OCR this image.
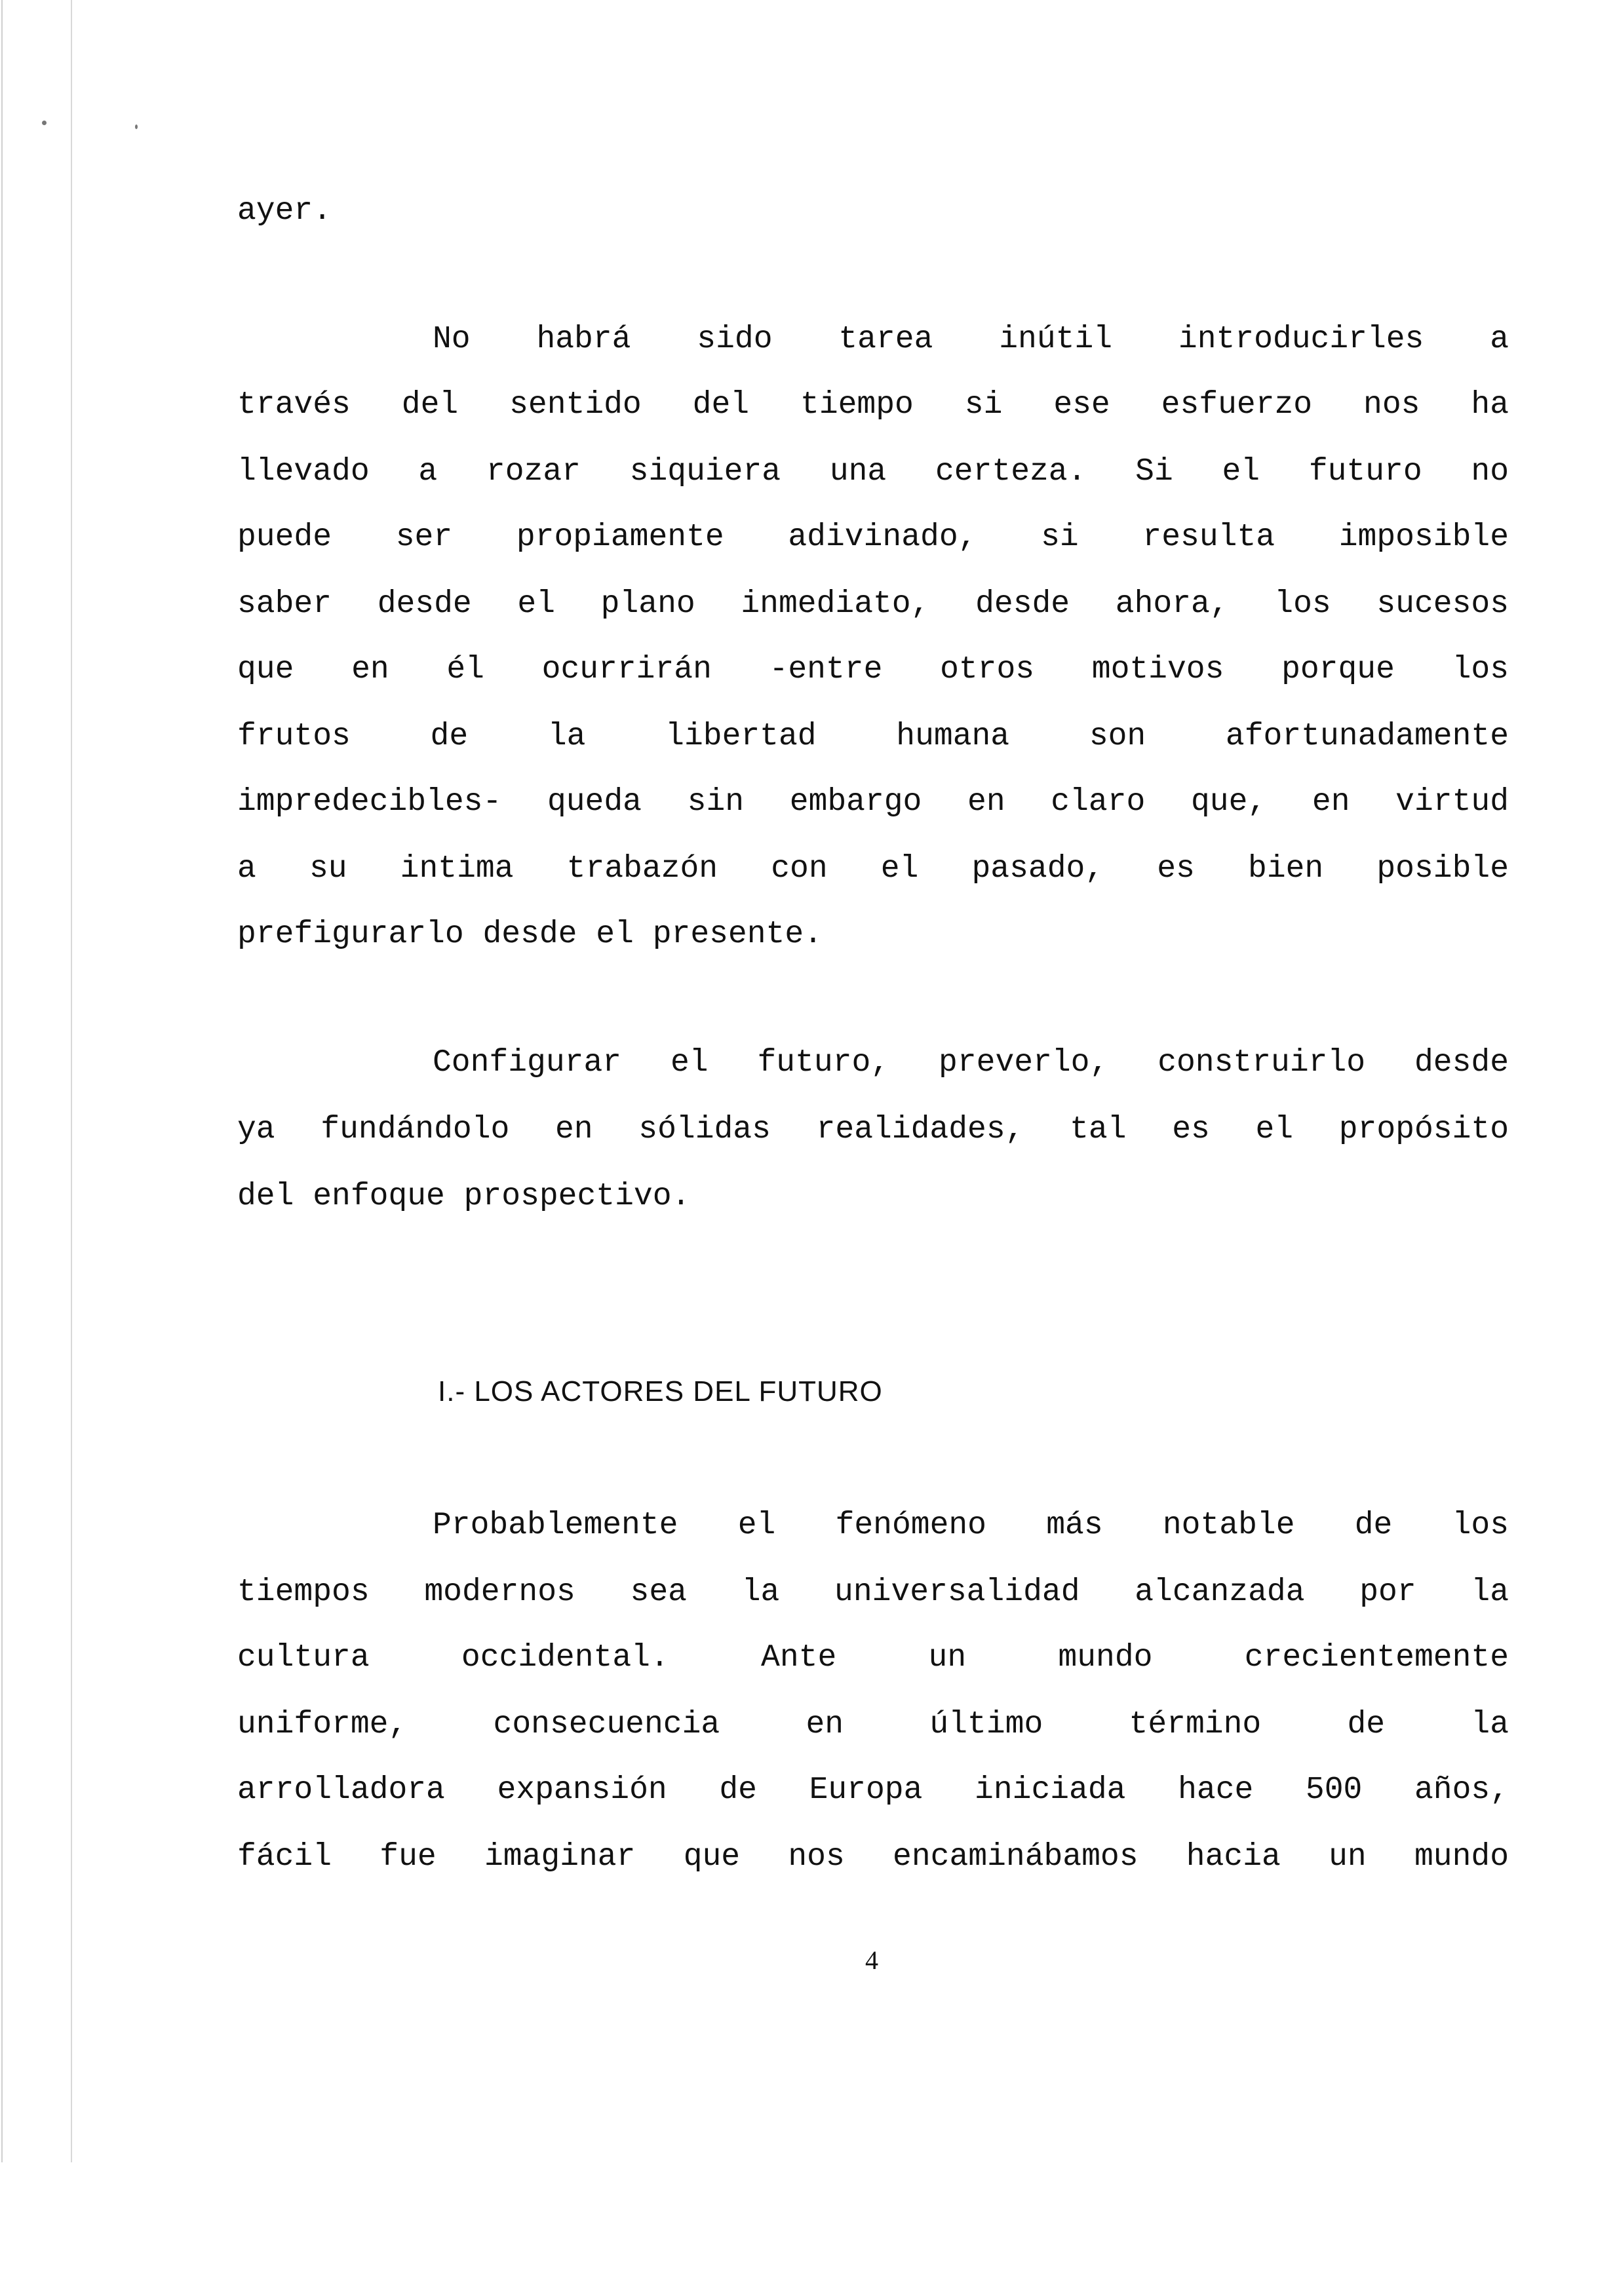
ayer.

No habrá sido tarea inútil introducirles a

través del sentido del tiempo si ese esfuerzo nos ha

llevado a rozar siquiera una certeza. Si el futuro no

puede ser propiamente adivinado, si resulta imposible

saber desde el plano inmediato, desde ahora, los sucesos

que en él ocurrirán -entre otros motivos porque los

frutos de la libertad humana son afortunadamente

impredecibles- queda sin embargo en claro que, en virtud

a su intima trabazón con el pasado, es bien posible

prefigurarlo desde el presente.

Configurar el futuro, preverlo, construirlo desde

ya fundándolo en sólidas realidades, tal es el propósito

del enfoque prospectivo.

I.- LOS ACTORES DEL FUTURO

Probablemente el fenómeno más notable de los

tiempos modernos sea la universalidad alcanzada por la

cultura occidental. Ante un mundo crecientemente

uniforme, consecuencia en último término de la

arrolladora expansión de Europa iniciada hace 500 años,

fácil fue imaginar que nos encaminábamos hacia un mundo

4
